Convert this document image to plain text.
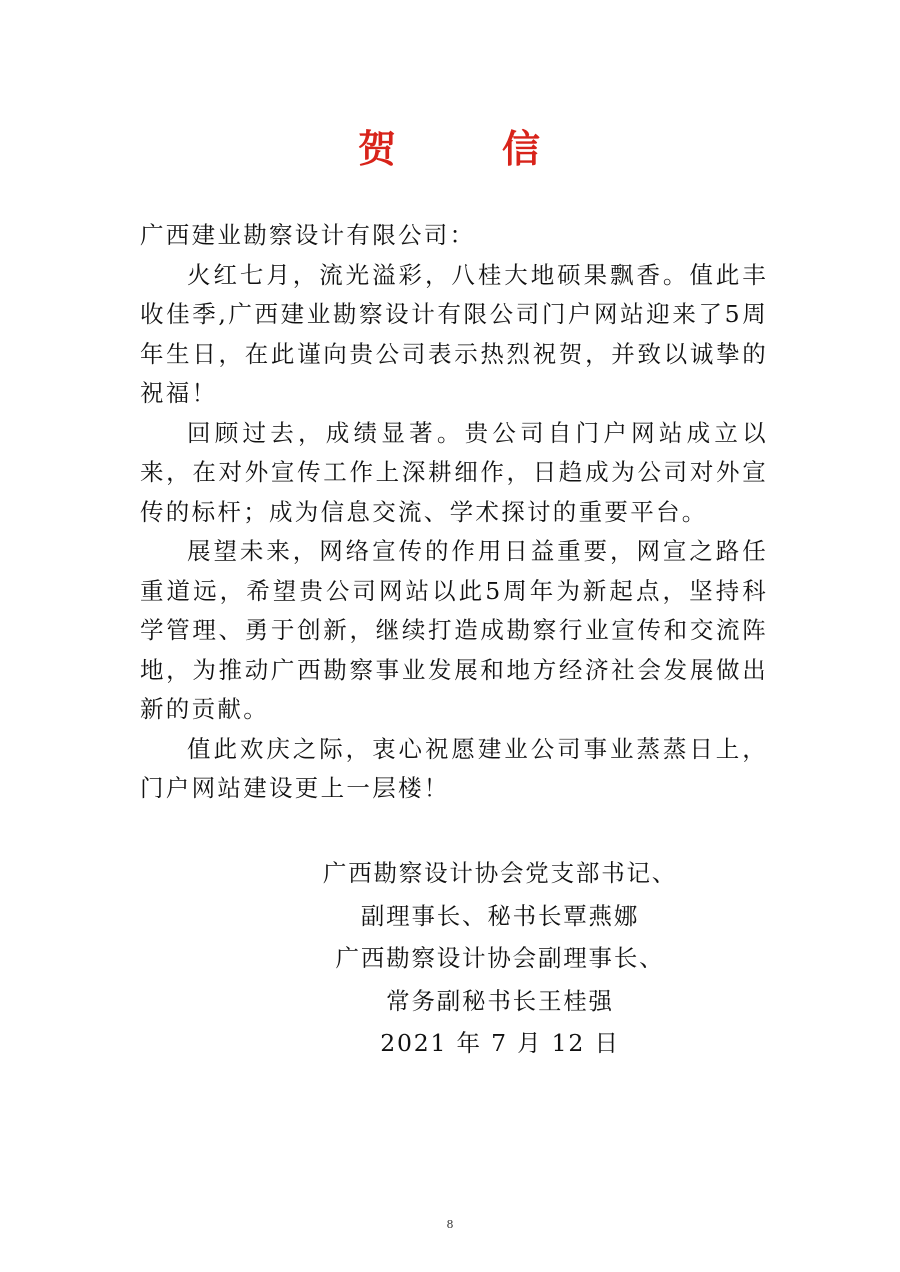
贺	信

广西建业勘察设计有限公司：

火红七月，流光溢彩，八桂大地硕果飘香。值此丰收佳季,广西建业勘察设计有限公司门户网站迎来了5周年生日，在此谨向贵公司表示热烈祝贺，并致以诚挚的祝福！

回顾过去，成绩显著。贵公司自门户网站成立以来，在对外宣传工作上深耕细作，日趋成为公司对外宣传的标杆；成为信息交流、学术探讨的重要平台。

展望未来，网络宣传的作用日益重要，网宣之路任重道远，希望贵公司网站以此5周年为新起点，坚持科学管理、勇于创新，继续打造成勘察行业宣传和交流阵地，为推动广西勘察事业发展和地方经济社会发展做出新的贡献。

值此欢庆之际，衷心祝愿建业公司事业蒸蒸日上，门户网站建设更上一层楼！

广西勘察设计协会党支部书记、
副理事长、秘书长覃燕娜
广西勘察设计协会副理事长、
常务副秘书长王桂强
2021 年 7 月 12 日
8
